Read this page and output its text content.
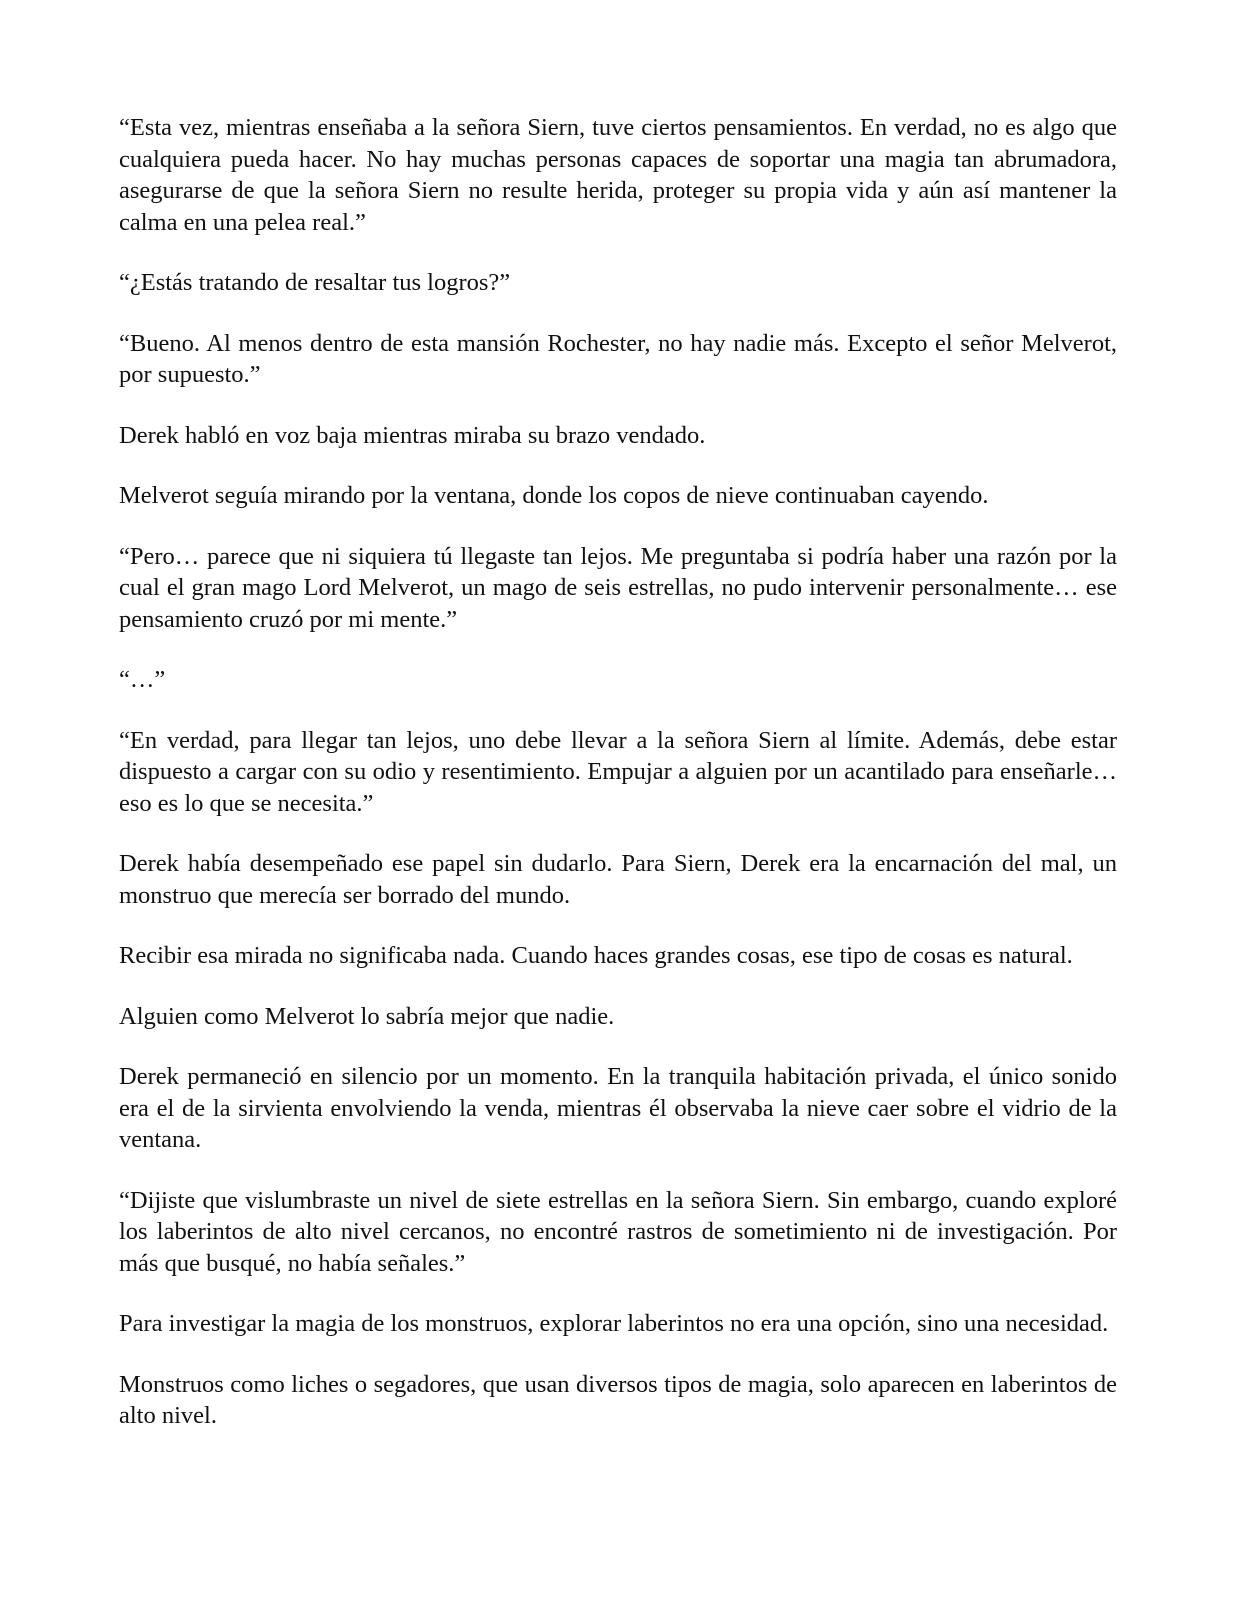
“Esta vez, mientras enseñaba a la señora Siern, tuve ciertos pensamientos. En verdad, no es algo que cualquiera pueda hacer. No hay muchas personas capaces de soportar una magia tan abrumadora, asegurarse de que la señora Siern no resulte herida, proteger su propia vida y aún así mantener la calma en una pelea real.”

“¿Estás tratando de resaltar tus logros?”

“Bueno. Al menos dentro de esta mansión Rochester, no hay nadie más. Excepto el señor Melverot, por supuesto.”

Derek habló en voz baja mientras miraba su brazo vendado.

Melverot seguía mirando por la ventana, donde los copos de nieve continuaban cayendo.

“Pero… parece que ni siquiera tú llegaste tan lejos. Me preguntaba si podría haber una razón por la cual el gran mago Lord Melverot, un mago de seis estrellas, no pudo intervenir personalmente… ese pensamiento cruzó por mi mente.”

“…”

“En verdad, para llegar tan lejos, uno debe llevar a la señora Siern al límite. Además, debe estar dispuesto a cargar con su odio y resentimiento. Empujar a alguien por un acantilado para enseñarle… eso es lo que se necesita.”

Derek había desempeñado ese papel sin dudarlo. Para Siern, Derek era la encarnación del mal, un monstruo que merecía ser borrado del mundo.

Recibir esa mirada no significaba nada. Cuando haces grandes cosas, ese tipo de cosas es natural.

Alguien como Melverot lo sabría mejor que nadie.

Derek permaneció en silencio por un momento. En la tranquila habitación privada, el único sonido era el de la sirvienta envolviendo la venda, mientras él observaba la nieve caer sobre el vidrio de la ventana.

“Dijiste que vislumbraste un nivel de siete estrellas en la señora Siern. Sin embargo, cuando exploré los laberintos de alto nivel cercanos, no encontré rastros de sometimiento ni de investigación. Por más que busqué, no había señales.”

Para investigar la magia de los monstruos, explorar laberintos no era una opción, sino una necesidad.

Monstruos como liches o segadores, que usan diversos tipos de magia, solo aparecen en laberintos de alto nivel.
